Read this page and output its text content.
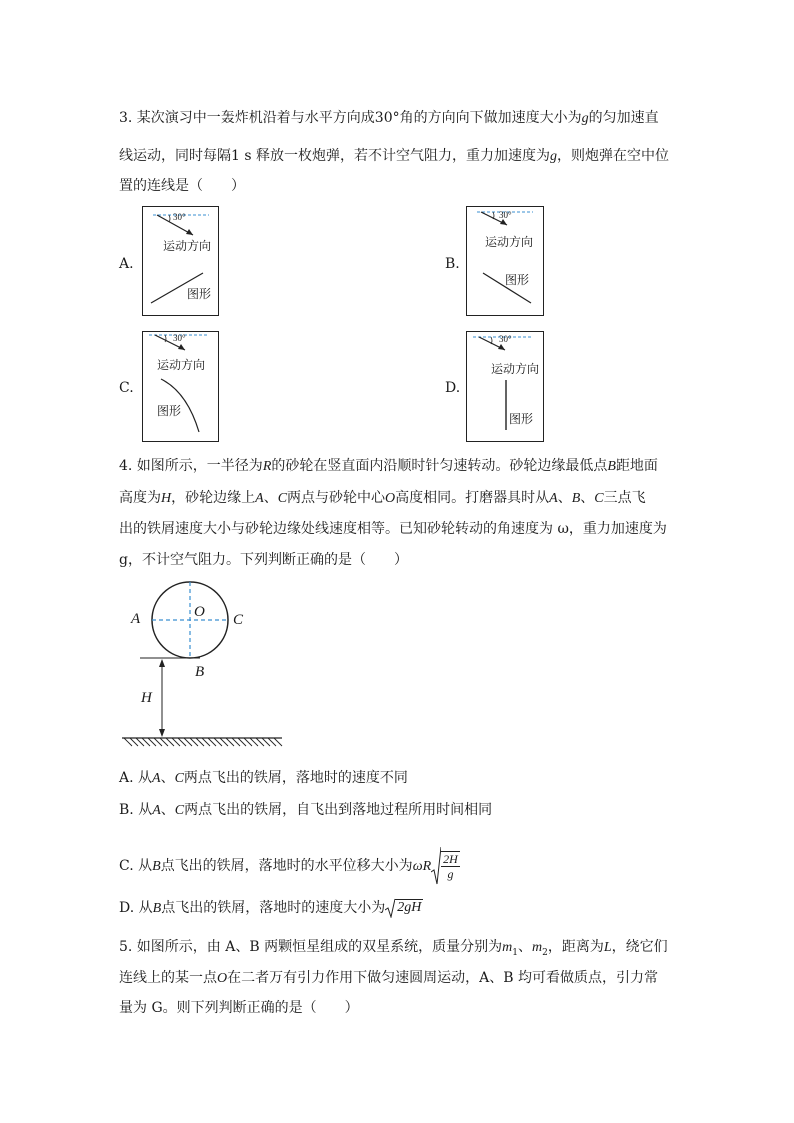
3. 某次演习中一轰炸机沿着与水平方向成30°角的方向向下做加速度大小为g的匀加速直
线运动，同时每隔1 s 释放一枚炮弹，若不计空气阻力，重力加速度为g，则炮弹在空中位
置的连线是（　　）
A.
30°
运动方向
图形
B.
30°
运动方向
图形
C.
30°
运动方向
图形
D.
30°
运动方向
图形
4. 如图所示，一半径为R的砂轮在竖直面内沿顺时针匀速转动。砂轮边缘最低点B距地面
高度为H，砂轮边缘上A、C两点与砂轮中心O高度相同。打磨器具时从A、B、C三点飞
出的铁屑速度大小与砂轮边缘处线速度相等。已知砂轮转动的角速度为 ω，重力加速度为
g，不计空气阻力。下列判断正确的是（　　）
A	O C
B
H
A. 从A、C两点飞出的铁屑，落地时的速度不同
B. 从A、C两点飞出的铁屑，自飞出到落地过程所用时间相同
C. 从B点飞出的铁屑，落地时的水平位移大小为ωR $\frac{2H}{g}$
D. 从B点飞出的铁屑，落地时的速度大小为 2gH
5. 如图所示，由 A、B 两颗恒星组成的双星系统，质量分别为$m_1$、$m_2$，距离为L，绕它们
连线上的某一点O在二者万有引力作用下做匀速圆周运动，A、B 均可看做质点，引力常
量为 G。则下列判断正确的是（　　）
